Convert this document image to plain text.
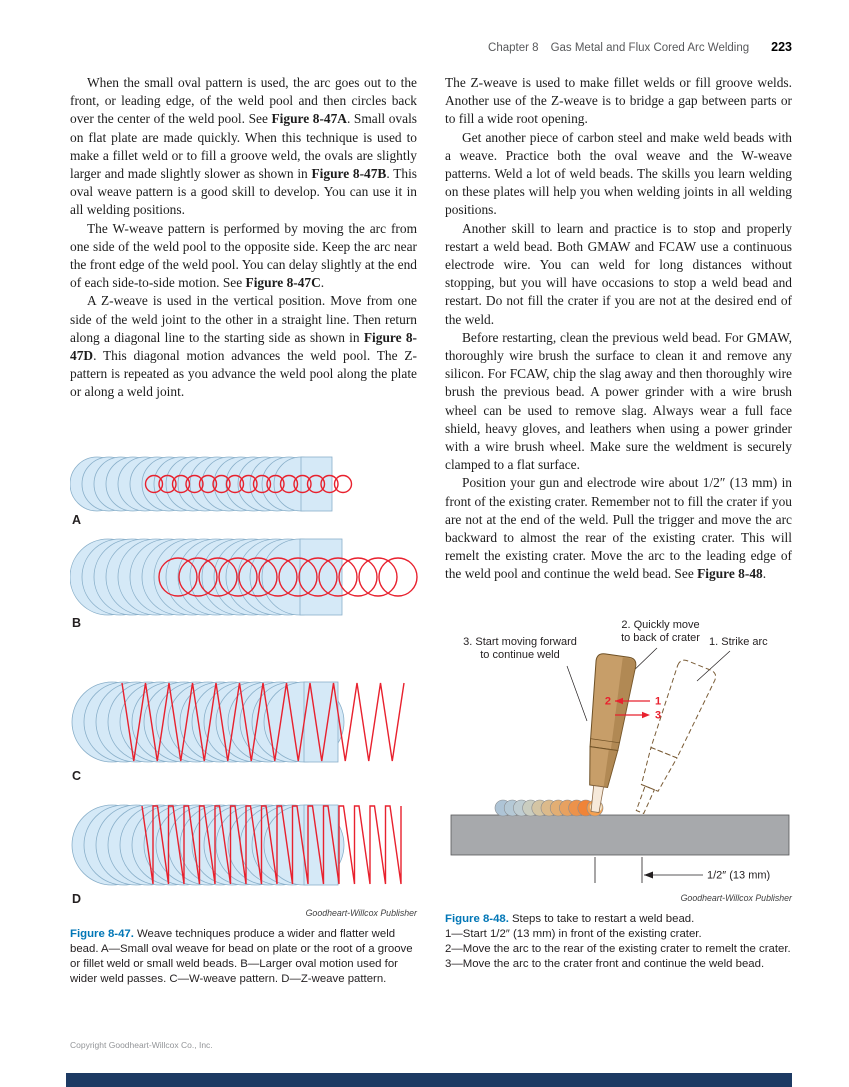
Chapter 8 Gas Metal and Flux Cored Arc Welding 223

When the small oval pattern is used, the arc goes out to the front, or leading edge, of the weld pool and then circles back over the center of the weld pool. See Figure 8-47A. Small ovals on flat plate are made quickly. When this technique is used to make a fillet weld or to fill a groove weld, the ovals are slightly larger and made slightly slower as shown in Figure 8-47B. This oval weave pattern is a good skill to develop. You can use it in all welding positions.

The W-weave pattern is performed by moving the arc from one side of the weld pool to the opposite side. Keep the arc near the front edge of the weld pool. You can delay slightly at the end of each side-to-side motion. See Figure 8-47C.

A Z-weave is used in the vertical position. Move from one side of the weld joint to the other in a straight line. Then return along a diagonal line to the starting side as shown in Figure 8-47D. This diagonal motion advances the weld pool. The Z-pattern is repeated as you advance the weld pool along the plate or along a weld joint.

A
B
C
D
Goodheart-Willcox Publisher
Figure 8-47. Weave techniques produce a wider and flatter weld bead. A—Small oval weave for bead on plate or the root of a groove or fillet weld or small weld beads. B—Larger oval motion used for wider weld passes. C—W-weave pattern. D—Z-weave pattern.

The Z-weave is used to make fillet welds or fill groove welds. Another use of the Z-weave is to bridge a gap between parts or to fill a wide root opening.

Get another piece of carbon steel and make weld beads with a weave. Practice both the oval weave and the W-weave patterns. Weld a lot of weld beads. The skills you learn welding on these plates will help you when welding joints in all welding positions.

Another skill to learn and practice is to stop and properly restart a weld bead. Both GMAW and FCAW use a continuous electrode wire. You can weld for long distances without stopping, but you will have occasions to stop a weld bead and restart. Do not fill the crater if you are not at the desired end of the weld.

Before restarting, clean the previous weld bead. For GMAW, thoroughly wire brush the surface to clean it and remove any silicon. For FCAW, chip the slag away and then thoroughly wire brush the previous bead. A power grinder with a wire brush wheel can be used to remove slag. Always wear a full face shield, heavy gloves, and leathers when using a power grinder with a wire brush wheel. Make sure the weldment is securely clamped to a flat surface.

Position your gun and electrode wire about 1/2″ (13 mm) in front of the existing crater. Remember not to fill the crater if you are not at the end of the weld. Pull the trigger and move the arc backward to almost the rear of the existing crater. This will remelt the existing crater. Move the arc to the leading edge of the weld pool and continue the weld bead. See Figure 8-48.

2	1
3
1/2″ (13 mm)
2. Quickly move
to back of crater
3. Start moving forward
to continue weld
1. Strike arc
Goodheart-Willcox Publisher
Figure 8-48. Steps to take to restart a weld bead.
1—Start 1/2″ (13 mm) in front of the existing crater.
2—Move the arc to the rear of the existing crater to remelt the crater. 3—Move the arc to the crater front and continue the weld bead.
Copyright Goodheart-Willcox Co., Inc.
